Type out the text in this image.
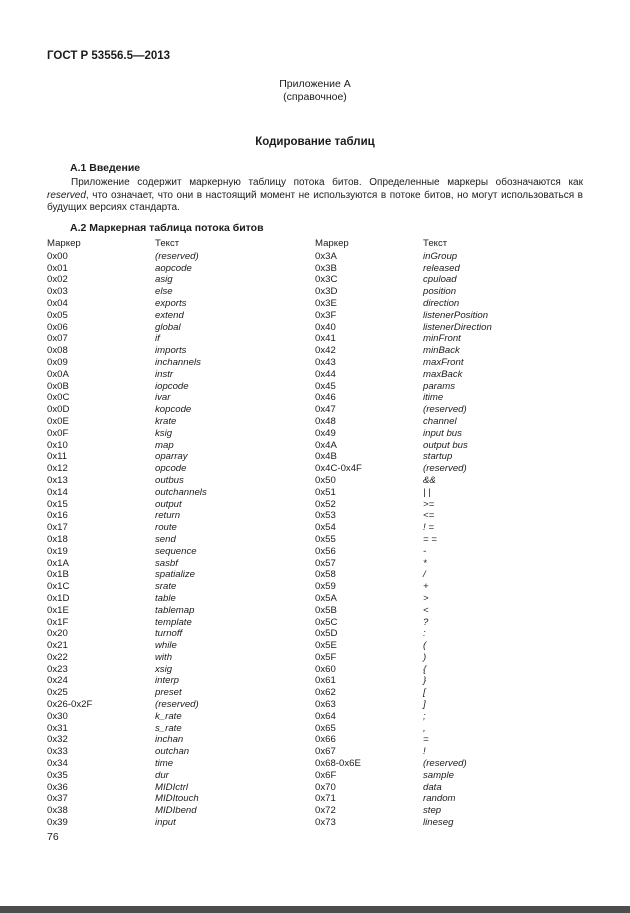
ГОСТ Р 53556.5—2013
Приложение А
(справочное)
Кодирование таблиц
А.1 Введение

Приложение содержит маркерную таблицу потока битов. Определенные маркеры обозначаются как reserved, что означает, что они в настоящий момент не используются в потоке битов, но могут использоваться в будущих версиях стандарта.

А.2 Маркерная таблица потока битов
Маркер	Текст
0x00	(reserved)
0x01	aopcode
0x02	asig
0x03	else
0x04	exports
0x05	extend
0x06	global
0x07	if
0x08	imports
0x09	inchannels
0x0A	instr
0x0B	iopcode
0x0C	ivar
0x0D	kopcode
0x0E	krate
0x0F	ksig
0x10	map
0x11	oparray
0x12	opcode
0x13	outbus
0x14	outchannels
0x15	output
0x16	return
0x17	route
0x18	send
0x19	sequence
0x1A	sasbf
0x1B	spatialize
0x1C	srate
0x1D	table
0x1E	tablemap
0x1F	template
0x20	turnoff
0x21	while
0x22	with
0x23	xsig
0x24	interp
0x25	preset
0x26-0x2F	(reserved)
0x30	k_rate
0x31	s_rate
0x32	inchan
0x33	outchan
0x34	time
0x35	dur
0x36	MIDIctrl
0x37	MIDItouch
0x38	MIDIbend
0x39	input
Маркер	Текст
0x3A	inGroup
0x3B	released
0x3C	cpuload
0x3D	position
0x3E	direction
0x3F	listenerPosition
0x40	listenerDirection
0x41	minFront
0x42	minBack
0x43	maxFront
0x44	maxBack
0x45	params
0x46	itime
0x47	(reserved)
0x48	channel
0x49	input bus
0x4A	output bus
0x4B	startup
0x4C-0x4F	(reserved)
0x50	&&
0x51	| |
0x52	>=
0x53	<=
0x54	! =
0x55	= =
0x56	-
0x57	*
0x58	/
0x59	+
0x5A	>
0x5B	<
0x5C	?
0x5D	:
0x5E	(
0x5F	)
0x60	{
0x61	}
0x62	[
0x63	]
0x64	;
0x65	,
0x66	=
0x67	!
0x68-0x6E	(reserved)
0x6F	sample
0x70	data
0x71	random
0x72	step
0x73	lineseg
76
